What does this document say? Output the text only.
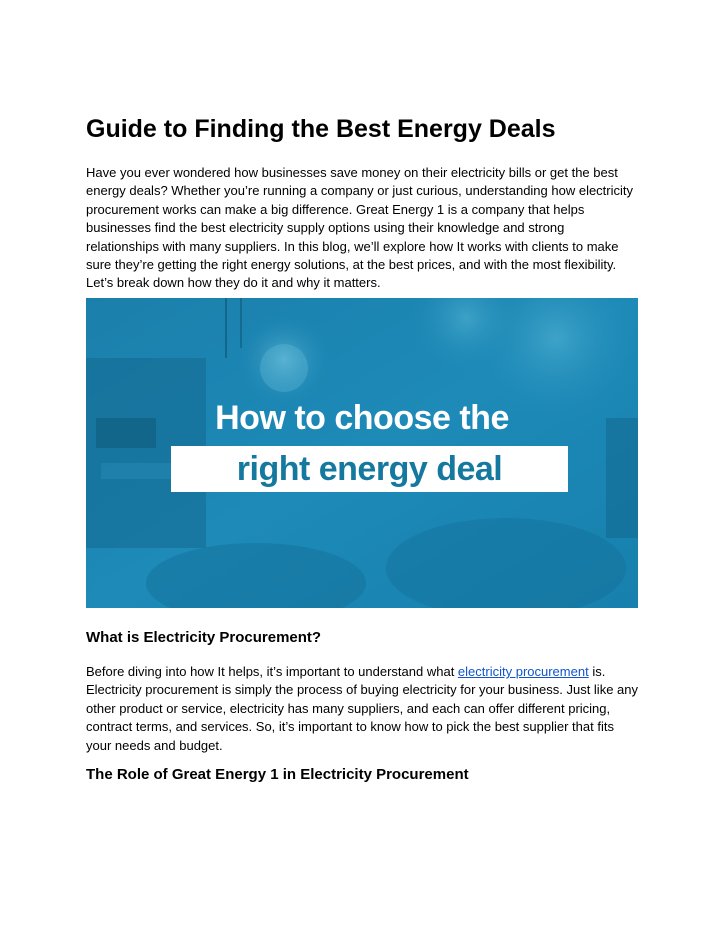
Guide to Finding the Best Energy Deals
Have you ever wondered how businesses save money on their electricity bills or get the best
energy deals? Whether you’re running a company or just curious, understanding how electricity
procurement works can make a big difference. Great Energy 1 is a company that helps
businesses find the best electricity supply options using their knowledge and strong
relationships with many suppliers. In this blog, we’ll explore how It works with clients to make
sure they’re getting the right energy solutions, at the best prices, and with the most flexibility.
Let’s break down how they do it and why it matters.
How to choose the
right energy deal
What is Electricity Procurement?
Before diving into how It helps, it’s important to understand what electricity procurement is.
Electricity procurement is simply the process of buying electricity for your business. Just like any
other product or service, electricity has many suppliers, and each can offer different pricing,
contract terms, and services. So, it’s important to know how to pick the best supplier that fits
your needs and budget.
The Role of Great Energy 1 in Electricity Procurement
